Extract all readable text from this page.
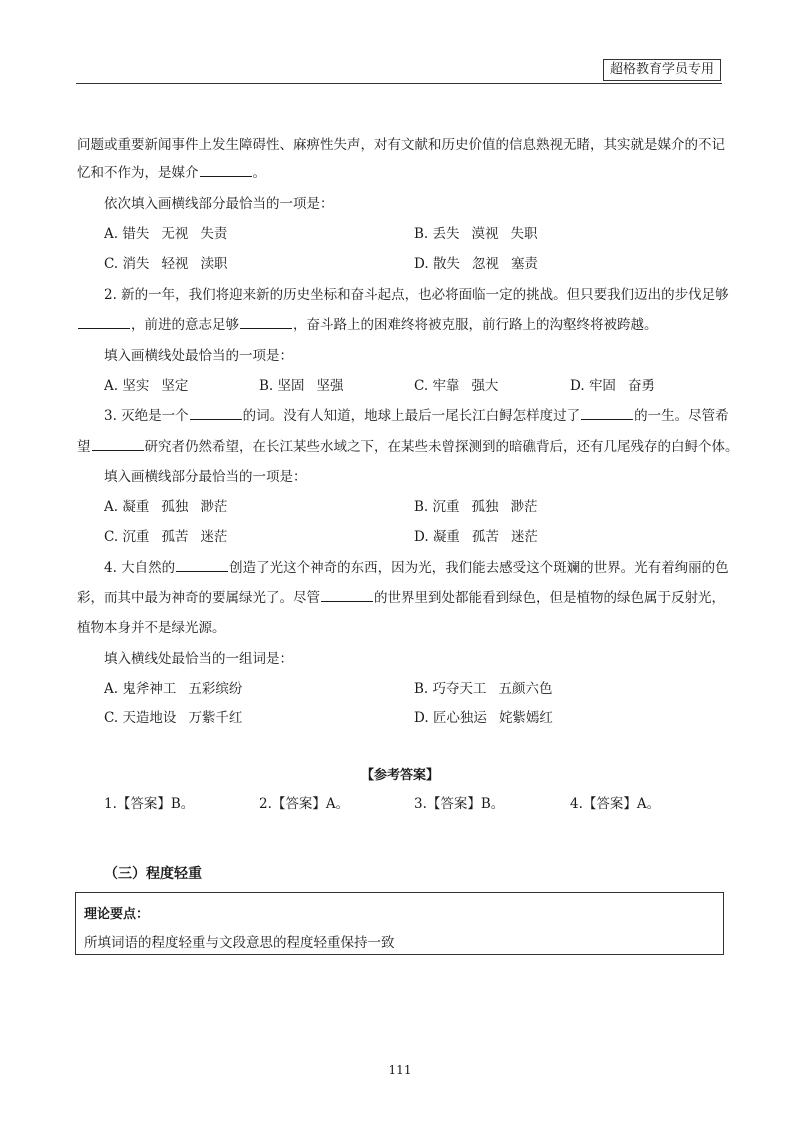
超格教育学员专用
问题或重要新闻事件上发生障碍性、麻痹性失声，对有文献和历史价值的信息熟视无睹，其实就是媒介的不记
忆和不作为，是媒介	。
依次填入画横线部分最恰当的一项是：
A. 错失 无视 失责	B. 丢失 漠视 失职
C. 消失 轻视 渎职	D. 散失 忽视 塞责
2. 新的一年，我们将迎来新的历史坐标和奋斗起点，也必将面临一定的挑战。但只要我们迈出的步伐足够
，前进的意志足够	，奋斗路上的困难终将被克服，前行路上的沟壑终将被跨越。
填入画横线处最恰当的一项是：
A. 坚实 坚定	B. 坚固 坚强	C. 牢靠 强大	D. 牢固 奋勇
3. 灭绝是一个	的词。没有人知道，地球上最后一尾长江白鲟怎样度过了	的一生。尽管希
望	研究者仍然希望，在长江某些水域之下，在某些未曾探测到的暗礁背后，还有几尾残存的白鲟个体。
填入画横线部分最恰当的一项是：
A. 凝重 孤独 渺茫	B. 沉重 孤独 渺茫
C. 沉重 孤苦 迷茫	D. 凝重 孤苦 迷茫
4. 大自然的	创造了光这个神奇的东西，因为光，我们能去感受这个斑斓的世界。光有着绚丽的色
彩，而其中最为神奇的要属绿光了。尽管	的世界里到处都能看到绿色，但是植物的绿色属于反射光，
植物本身并不是绿光源。
填入横线处最恰当的一组词是：
A. 鬼斧神工 五彩缤纷	B. 巧夺天工 五颜六色
C. 天造地设 万紫千红	D. 匠心独运 姹紫嫣红
【参考答案】
1.【答案】B。	2.【答案】A。	3.【答案】B。	4.【答案】A。
（三）程度轻重
理论要点：
所填词语的程度轻重与文段意思的程度轻重保持一致
111
